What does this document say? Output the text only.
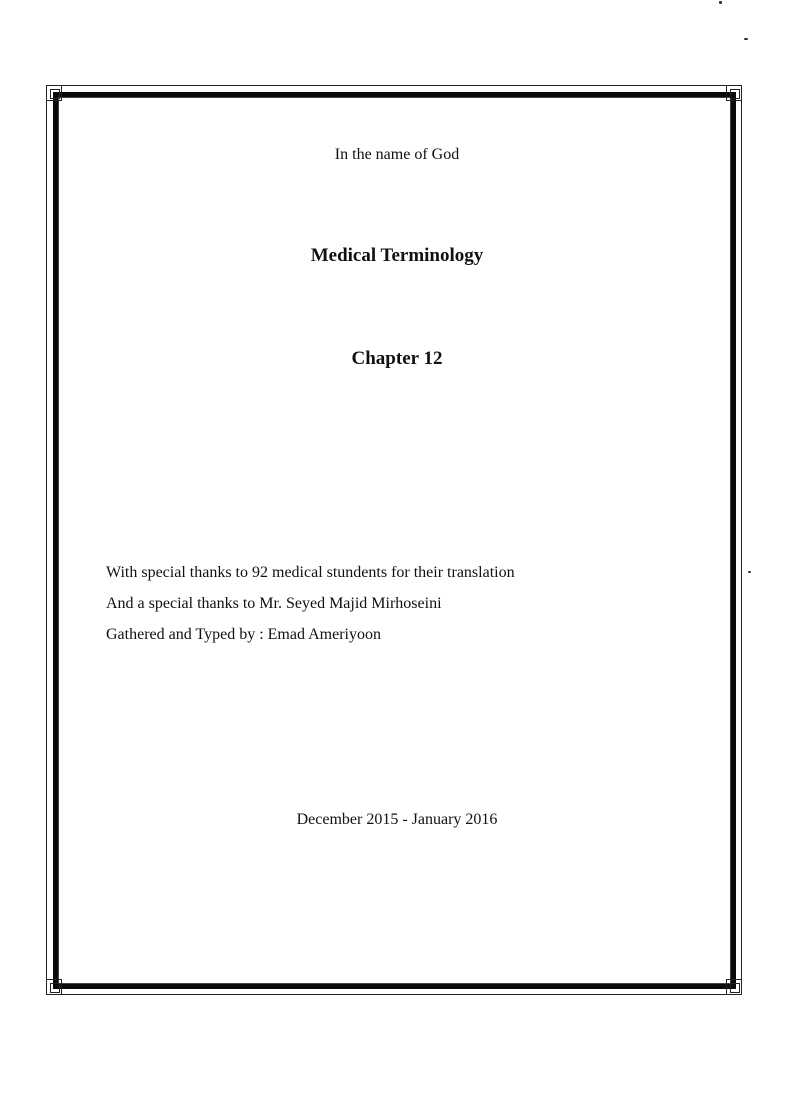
In the name of God
Medical Terminology
Chapter 12
With special thanks to 92 medical stundents for their translation
And a special thanks to Mr. Seyed Majid Mirhoseini
Gathered and Typed by : Emad Ameriyoon
December 2015 - January 2016
